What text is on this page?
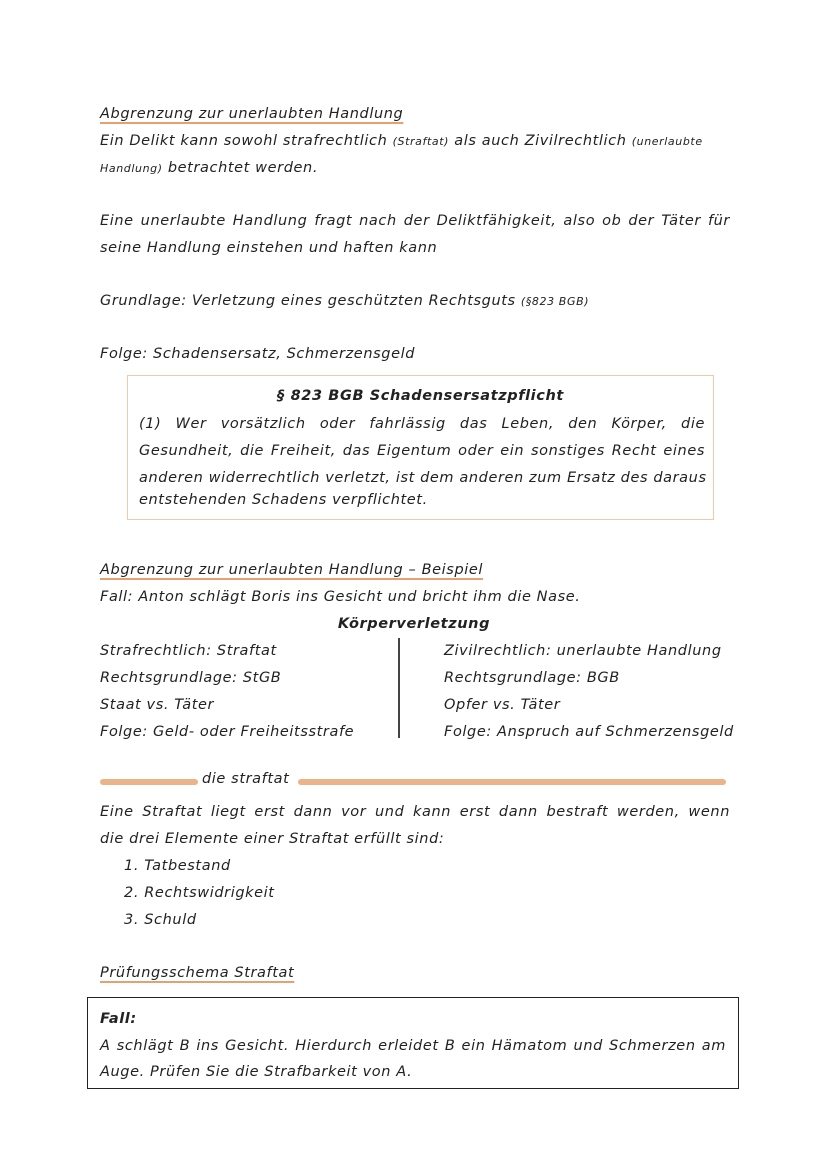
Abgrenzung zur unerlaubten Handlung
Ein Delikt kann sowohl strafrechtlich (Straftat) als auch Zivilrechtlich (unerlaubte
Handlung) betrachtet werden.
Eine unerlaubte Handlung fragt nach der Deliktfähigkeit, also ob der Täter für
seine Handlung einstehen und haften kann
Grundlage: Verletzung eines geschützten Rechtsguts (§823 BGB)
Folge: Schadensersatz, Schmerzensgeld
§ 823 BGB Schadensersatzpflicht
(1) Wer vorsätzlich oder fahrlässig das Leben, den Körper, die
Gesundheit, die Freiheit, das Eigentum oder ein sonstiges Recht eines
anderen widerrechtlich verletzt, ist dem anderen zum Ersatz des daraus
entstehenden Schadens verpflichtet.
Abgrenzung zur unerlaubten Handlung – Beispiel
Fall: Anton schlägt Boris ins Gesicht und bricht ihm die Nase.
Körperverletzung
Strafrechtlich: Straftat
Rechtsgrundlage: StGB
Staat vs. Täter
Folge: Geld- oder Freiheitsstrafe
Zivilrechtlich: unerlaubte Handlung
Rechtsgrundlage: BGB
Opfer vs. Täter
Folge: Anspruch auf Schmerzensgeld
die straftat
Eine Straftat liegt erst dann vor und kann erst dann bestraft werden, wenn
die drei Elemente einer Straftat erfüllt sind:
1. Tatbestand
2. Rechtswidrigkeit
3. Schuld
Prüfungsschema Straftat
Fall:
A schlägt B ins Gesicht. Hierdurch erleidet B ein Hämatom und Schmerzen am
Auge. Prüfen Sie die Strafbarkeit von A.
